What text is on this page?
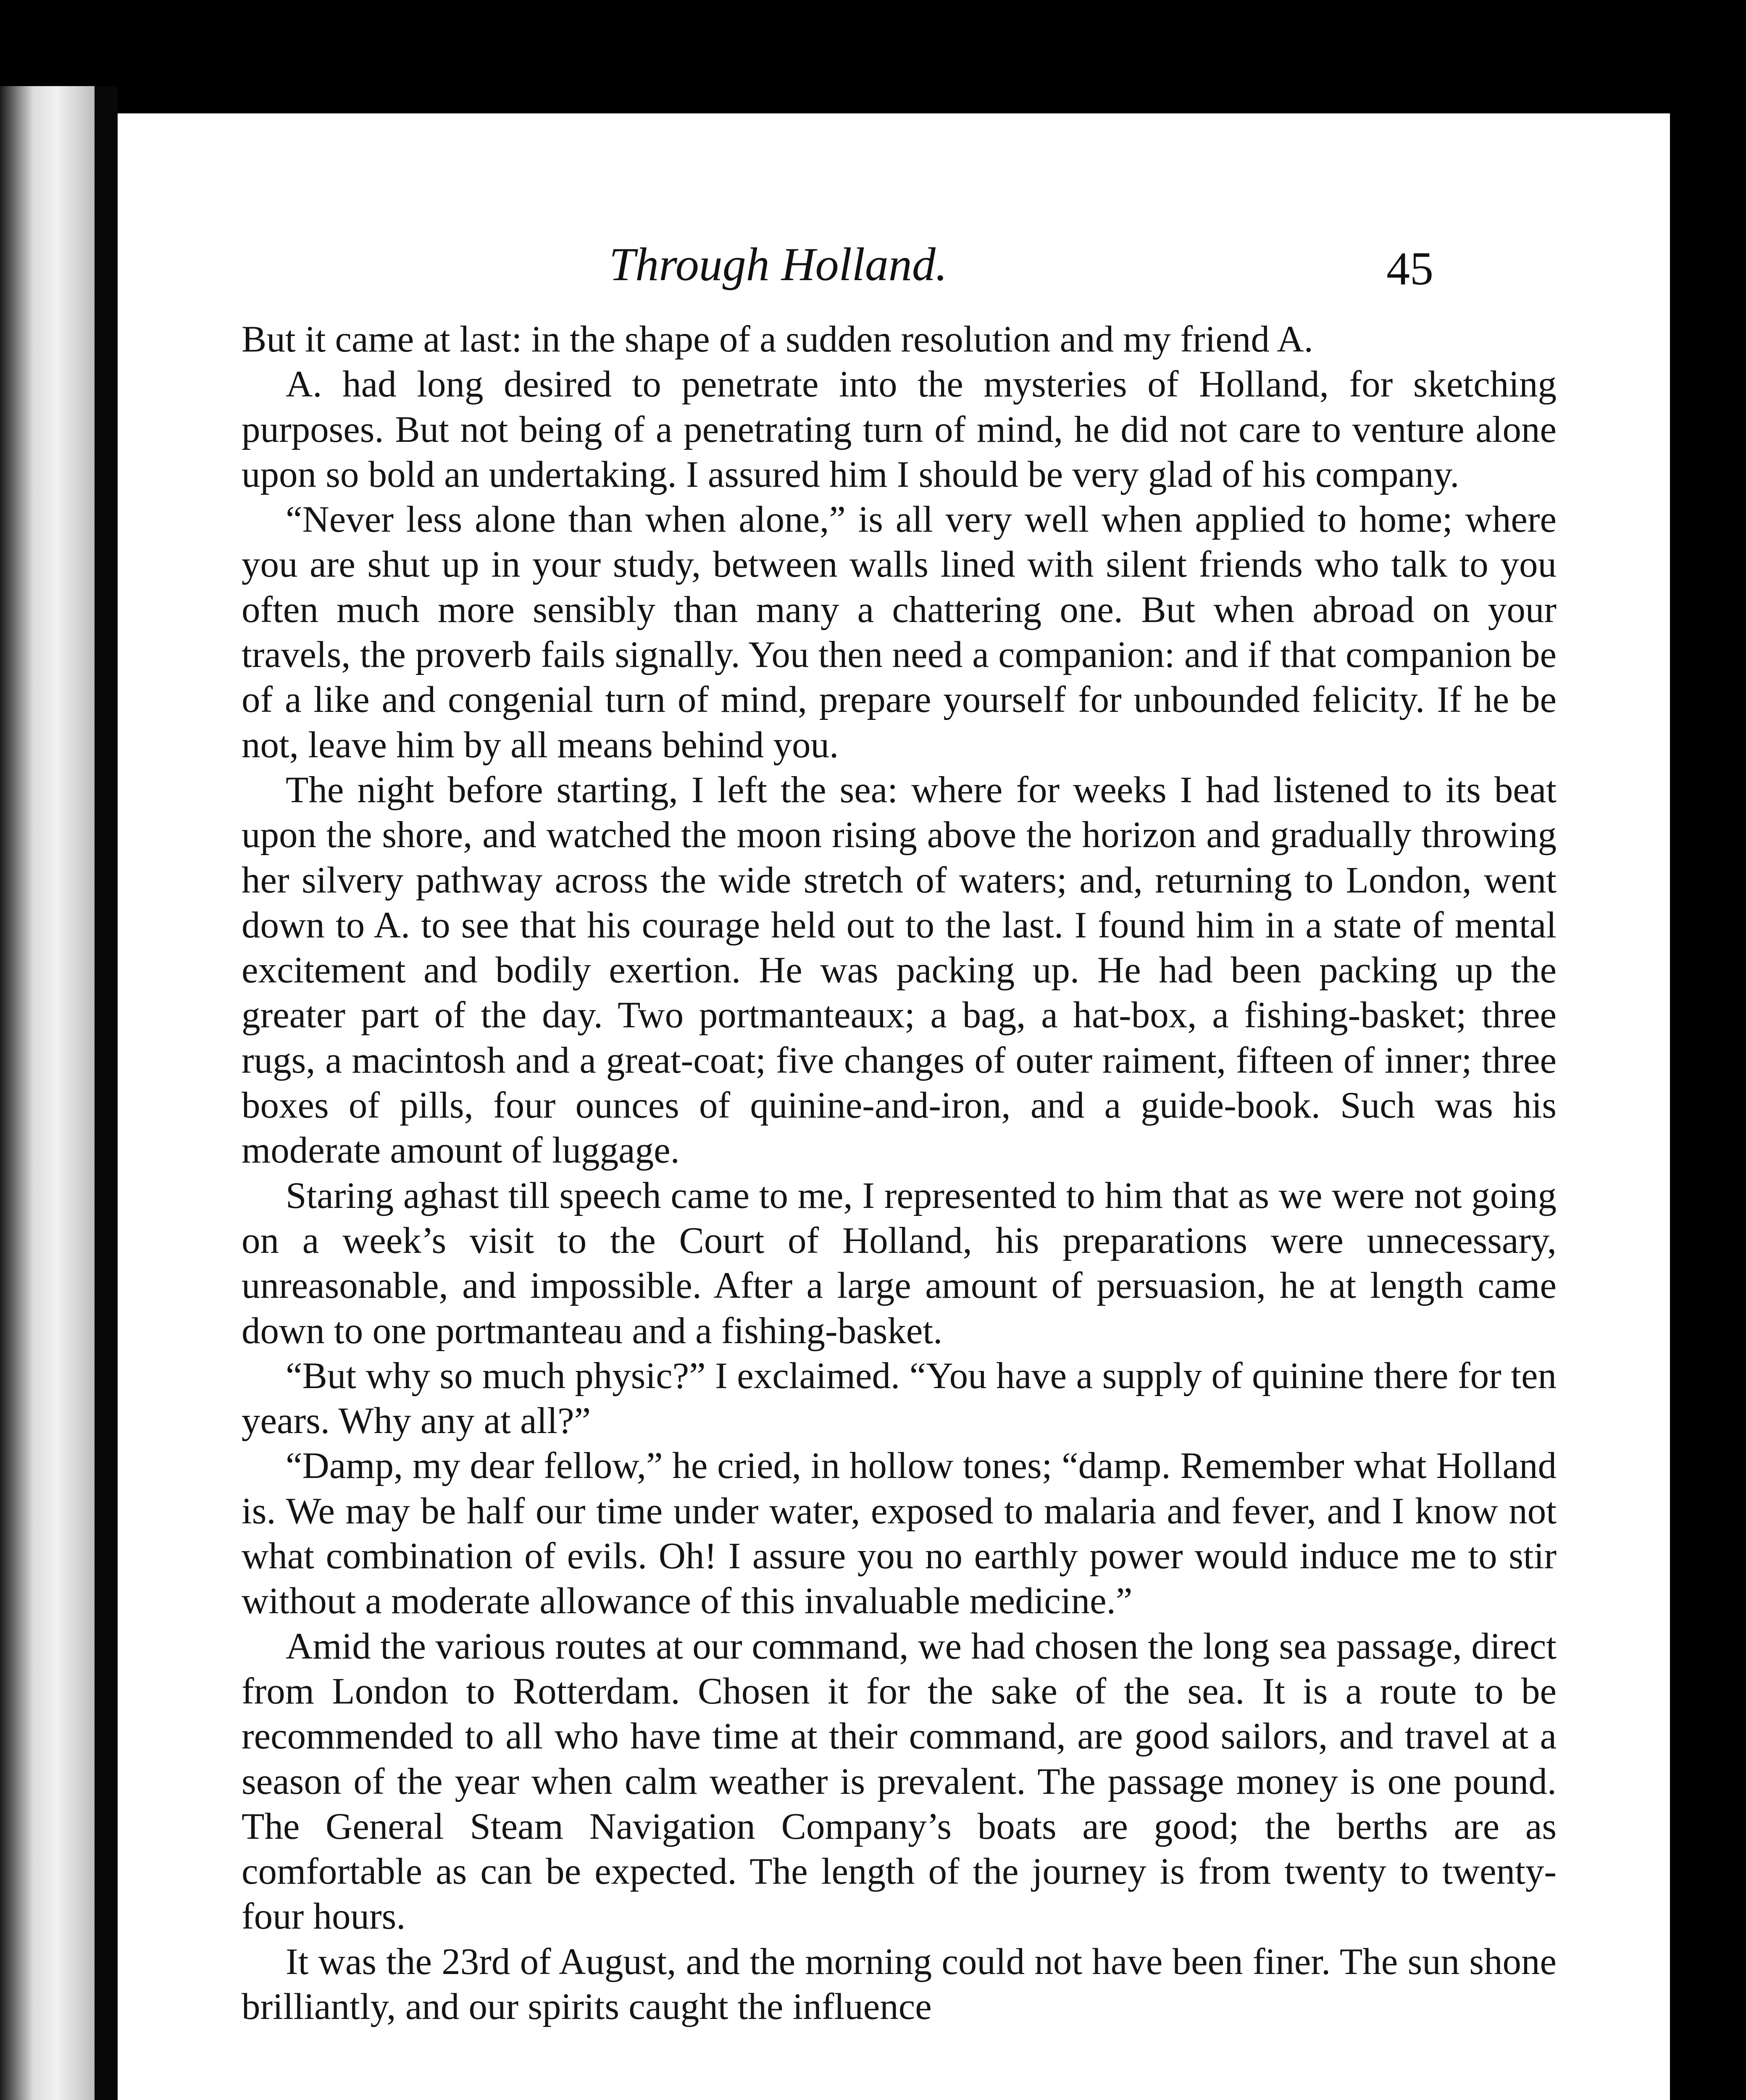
Through Holland.	45

But it came at last: in the shape of a sudden resolution and my friend A.

A. had long desired to penetrate into the mysteries of Holland, for sketching purposes. But not being of a penetrating turn of mind, he did not care to venture alone upon so bold an undertaking. I assured him I should be very glad of his company.

“Never less alone than when alone,” is all very well when applied to home; where you are shut up in your study, between walls lined with silent friends who talk to you often much more sensibly than many a chattering one. But when abroad on your travels, the proverb fails signally. You then need a companion: and if that companion be of a like and congenial turn of mind, prepare yourself for unbounded felicity. If he be not, leave him by all means behind you.

The night before starting, I left the sea: where for weeks I had listened to its beat upon the shore, and watched the moon rising above the horizon and gradually throwing her silvery pathway across the wide stretch of waters; and, returning to London, went down to A. to see that his courage held out to the last. I found him in a state of mental excitement and bodily exertion. He was packing up. He had been packing up the greater part of the day. Two portmanteaux; a bag, a hat-box, a fishing-basket; three rugs, a macintosh and a great-coat; five changes of outer raiment, fifteen of inner; three boxes of pills, four ounces of quinine-and-iron, and a guide-book. Such was his moderate amount of luggage.

Staring aghast till speech came to me, I represented to him that as we were not going on a week’s visit to the Court of Holland, his preparations were unnecessary, unreasonable, and impossible. After a large amount of persuasion, he at length came down to one portmanteau and a fishing-basket.

“But why so much physic?” I exclaimed. “You have a supply of quinine there for ten years. Why any at all?”

“Damp, my dear fellow,” he cried, in hollow tones; “damp. Remember what Holland is. We may be half our time under water, exposed to malaria and fever, and I know not what combination of evils. Oh! I assure you no earthly power would induce me to stir without a moderate allowance of this invaluable medicine.”

Amid the various routes at our command, we had chosen the long sea passage, direct from London to Rotterdam. Chosen it for the sake of the sea. It is a route to be recommended to all who have time at their command, are good sailors, and travel at a season of the year when calm weather is prevalent. The passage money is one pound. The General Steam Navigation Company’s boats are good; the berths are as comfortable as can be expected. The length of the journey is from twenty to twenty-four hours.

It was the 23rd of August, and the morning could not have been finer. The sun shone brilliantly, and our spirits caught the influence
